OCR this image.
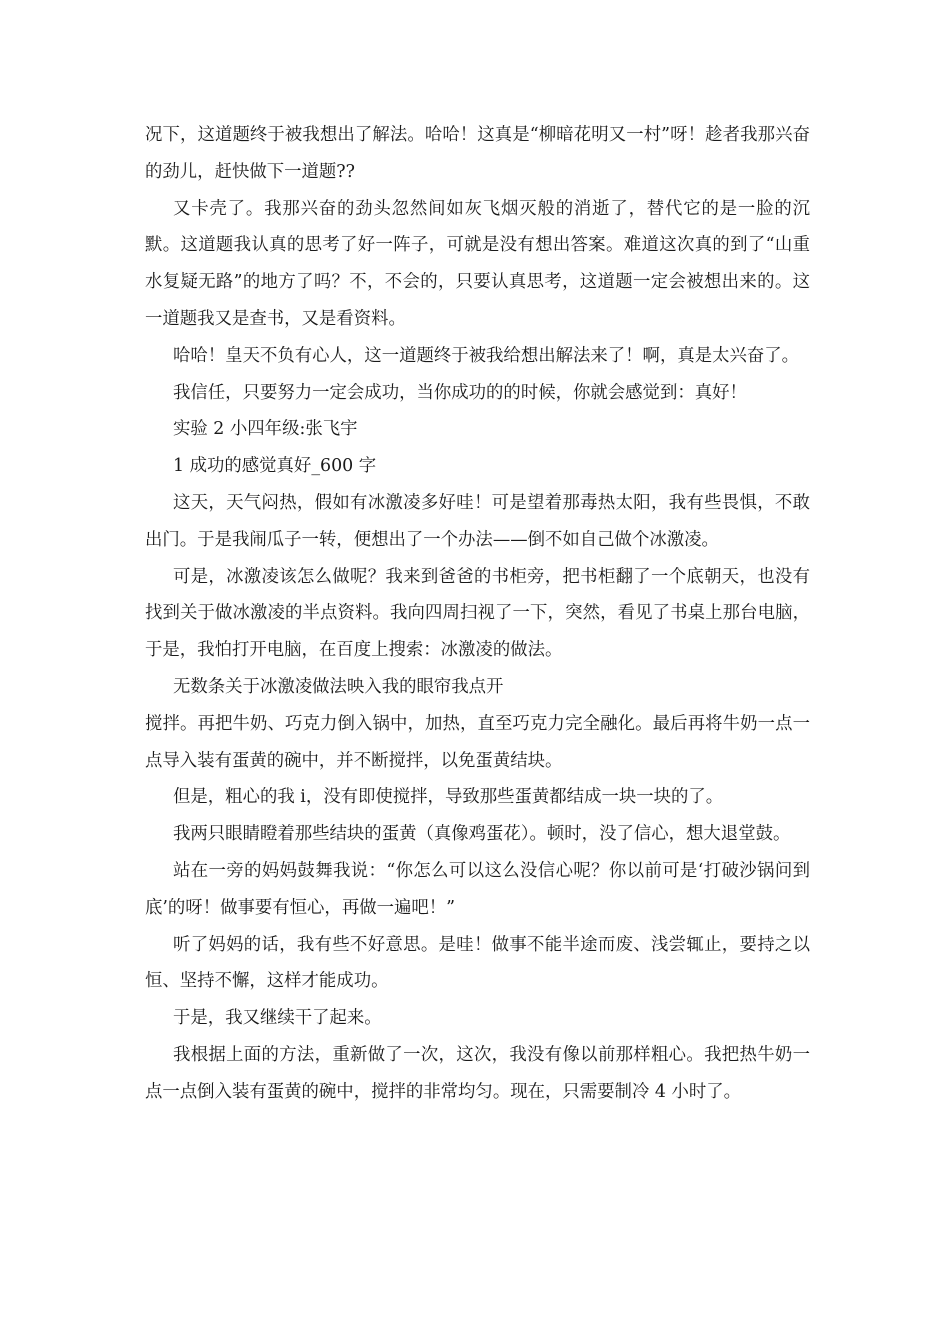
况下，这道题终于被我想出了解法。哈哈！这真是“柳暗花明又一村”呀！趁者我那兴奋的劲儿，赶快做下一道题??

又卡壳了。我那兴奋的劲头忽然间如灰飞烟灭般的消逝了，替代它的是一脸的沉默。这道题我认真的思考了好一阵子，可就是没有想出答案。难道这次真的到了“山重水复疑无路”的地方了吗？不，不会的，只要认真思考，这道题一定会被想出来的。这一道题我又是查书，又是看资料。

哈哈！皇天不负有心人，这一道题终于被我给想出解法来了！啊，真是太兴奋了。

我信任，只要努力一定会成功，当你成功的的时候，你就会感觉到：真好！

实验 2 小四年级:张飞宇

1 成功的感觉真好_600 字

这天，天气闷热，假如有冰激凌多好哇！可是望着那毒热太阳，我有些畏惧，不敢出门。于是我闹瓜子一转，便想出了一个办法——倒不如自己做个冰激凌。

可是，冰激凌该怎么做呢？我来到爸爸的书柜旁，把书柜翻了一个底朝天，也没有找到关于做冰激凌的半点资料。我向四周扫视了一下，突然，看见了书桌上那台电脑，于是，我怕打开电脑，在百度上搜索：冰激凌的做法。

无数条关于冰激凌做法映入我的眼帘我点开

搅拌。再把牛奶、巧克力倒入锅中，加热，直至巧克力完全融化。最后再将牛奶一点一点导入装有蛋黄的碗中，并不断搅拌，以免蛋黄结块。

但是，粗心的我 i，没有即使搅拌，导致那些蛋黄都结成一块一块的了。

我两只眼睛瞪着那些结块的蛋黄（真像鸡蛋花）。顿时，没了信心，想大退堂鼓。

站在一旁的妈妈鼓舞我说：“你怎么可以这么没信心呢？你以前可是‘打破沙锅问到底’的呀！做事要有恒心，再做一遍吧！”

听了妈妈的话，我有些不好意思。是哇！做事不能半途而废、浅尝辄止，要持之以恒、坚持不懈，这样才能成功。

于是，我又继续干了起来。

我根据上面的方法，重新做了一次，这次，我没有像以前那样粗心。我把热牛奶一点一点倒入装有蛋黄的碗中，搅拌的非常均匀。现在，只需要制冷 4 小时了。
